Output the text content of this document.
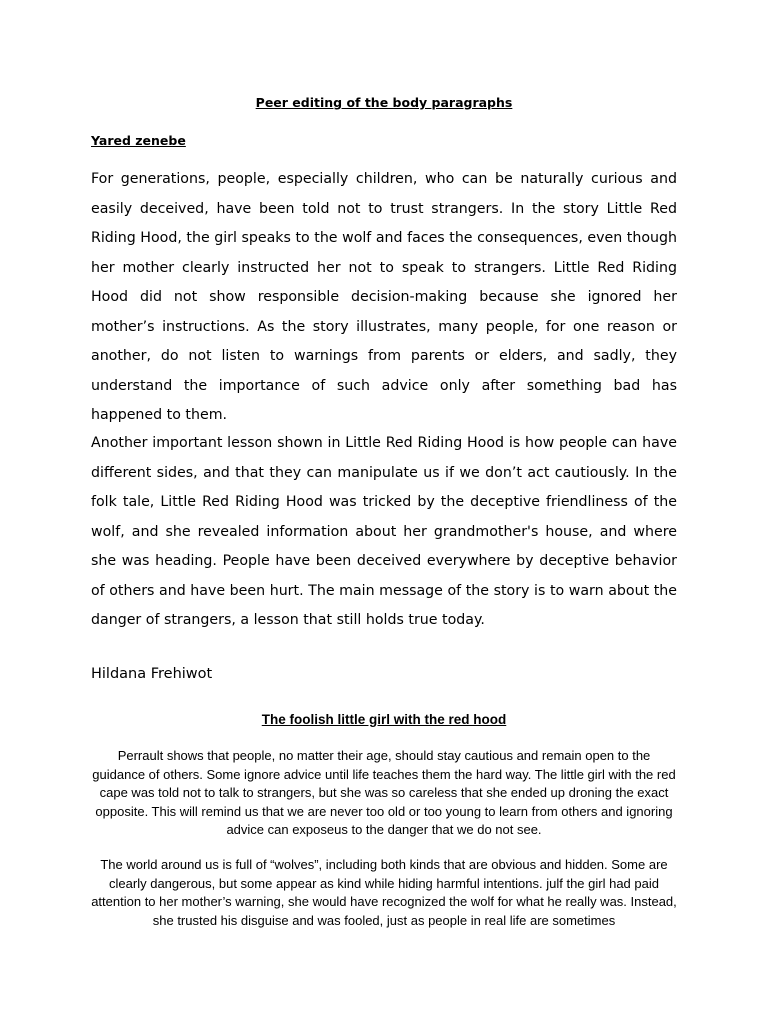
Peer editing of the body paragraphs
Yared zenebe

For generations, people, especially children, who can be naturally curious and easily deceived, have been told not to trust strangers. In the story Little Red Riding Hood, the girl speaks to the wolf and faces the consequences, even though her mother clearly instructed her not to speak to strangers. Little Red Riding Hood did not show responsible decision-making because she ignored her mother’s instructions. As the story illustrates, many people, for one reason or another, do not listen to warnings from parents or elders, and sadly, they understand the importance of such advice only after something bad has happened to them.

Another important lesson shown in Little Red Riding Hood is how people can have different sides, and that they can manipulate us if we don’t act cautiously. In the folk tale, Little Red Riding Hood was tricked by the deceptive friendliness of the wolf, and she revealed information about her grandmother's house, and where she was heading. People have been deceived everywhere by deceptive behavior of others and have been hurt. The main message of the story is to warn about the danger of strangers, a lesson that still holds true today.

Hildana Frehiwot
The foolish little girl with the red hood

Perrault shows that people, no matter their age, should stay cautious and remain open to the guidance of others. Some ignore advice until life teaches them the hard way. The little girl with the red cape was told not to talk to strangers, but she was so careless that she ended up droning the exact opposite. This will remind us that we are never too old or too young to learn from others and ignoring advice can exposeus to the danger that we do not see.

The world around us is full of “wolves”, including both kinds that are obvious and hidden. Some are clearly dangerous, but some appear as kind while hiding harmful intentions. julf the girl had paid attention to her mother’s warning, she would have recognized the wolf for what he really was. Instead, she trusted his disguise and was fooled, just as people in real life are sometimes
